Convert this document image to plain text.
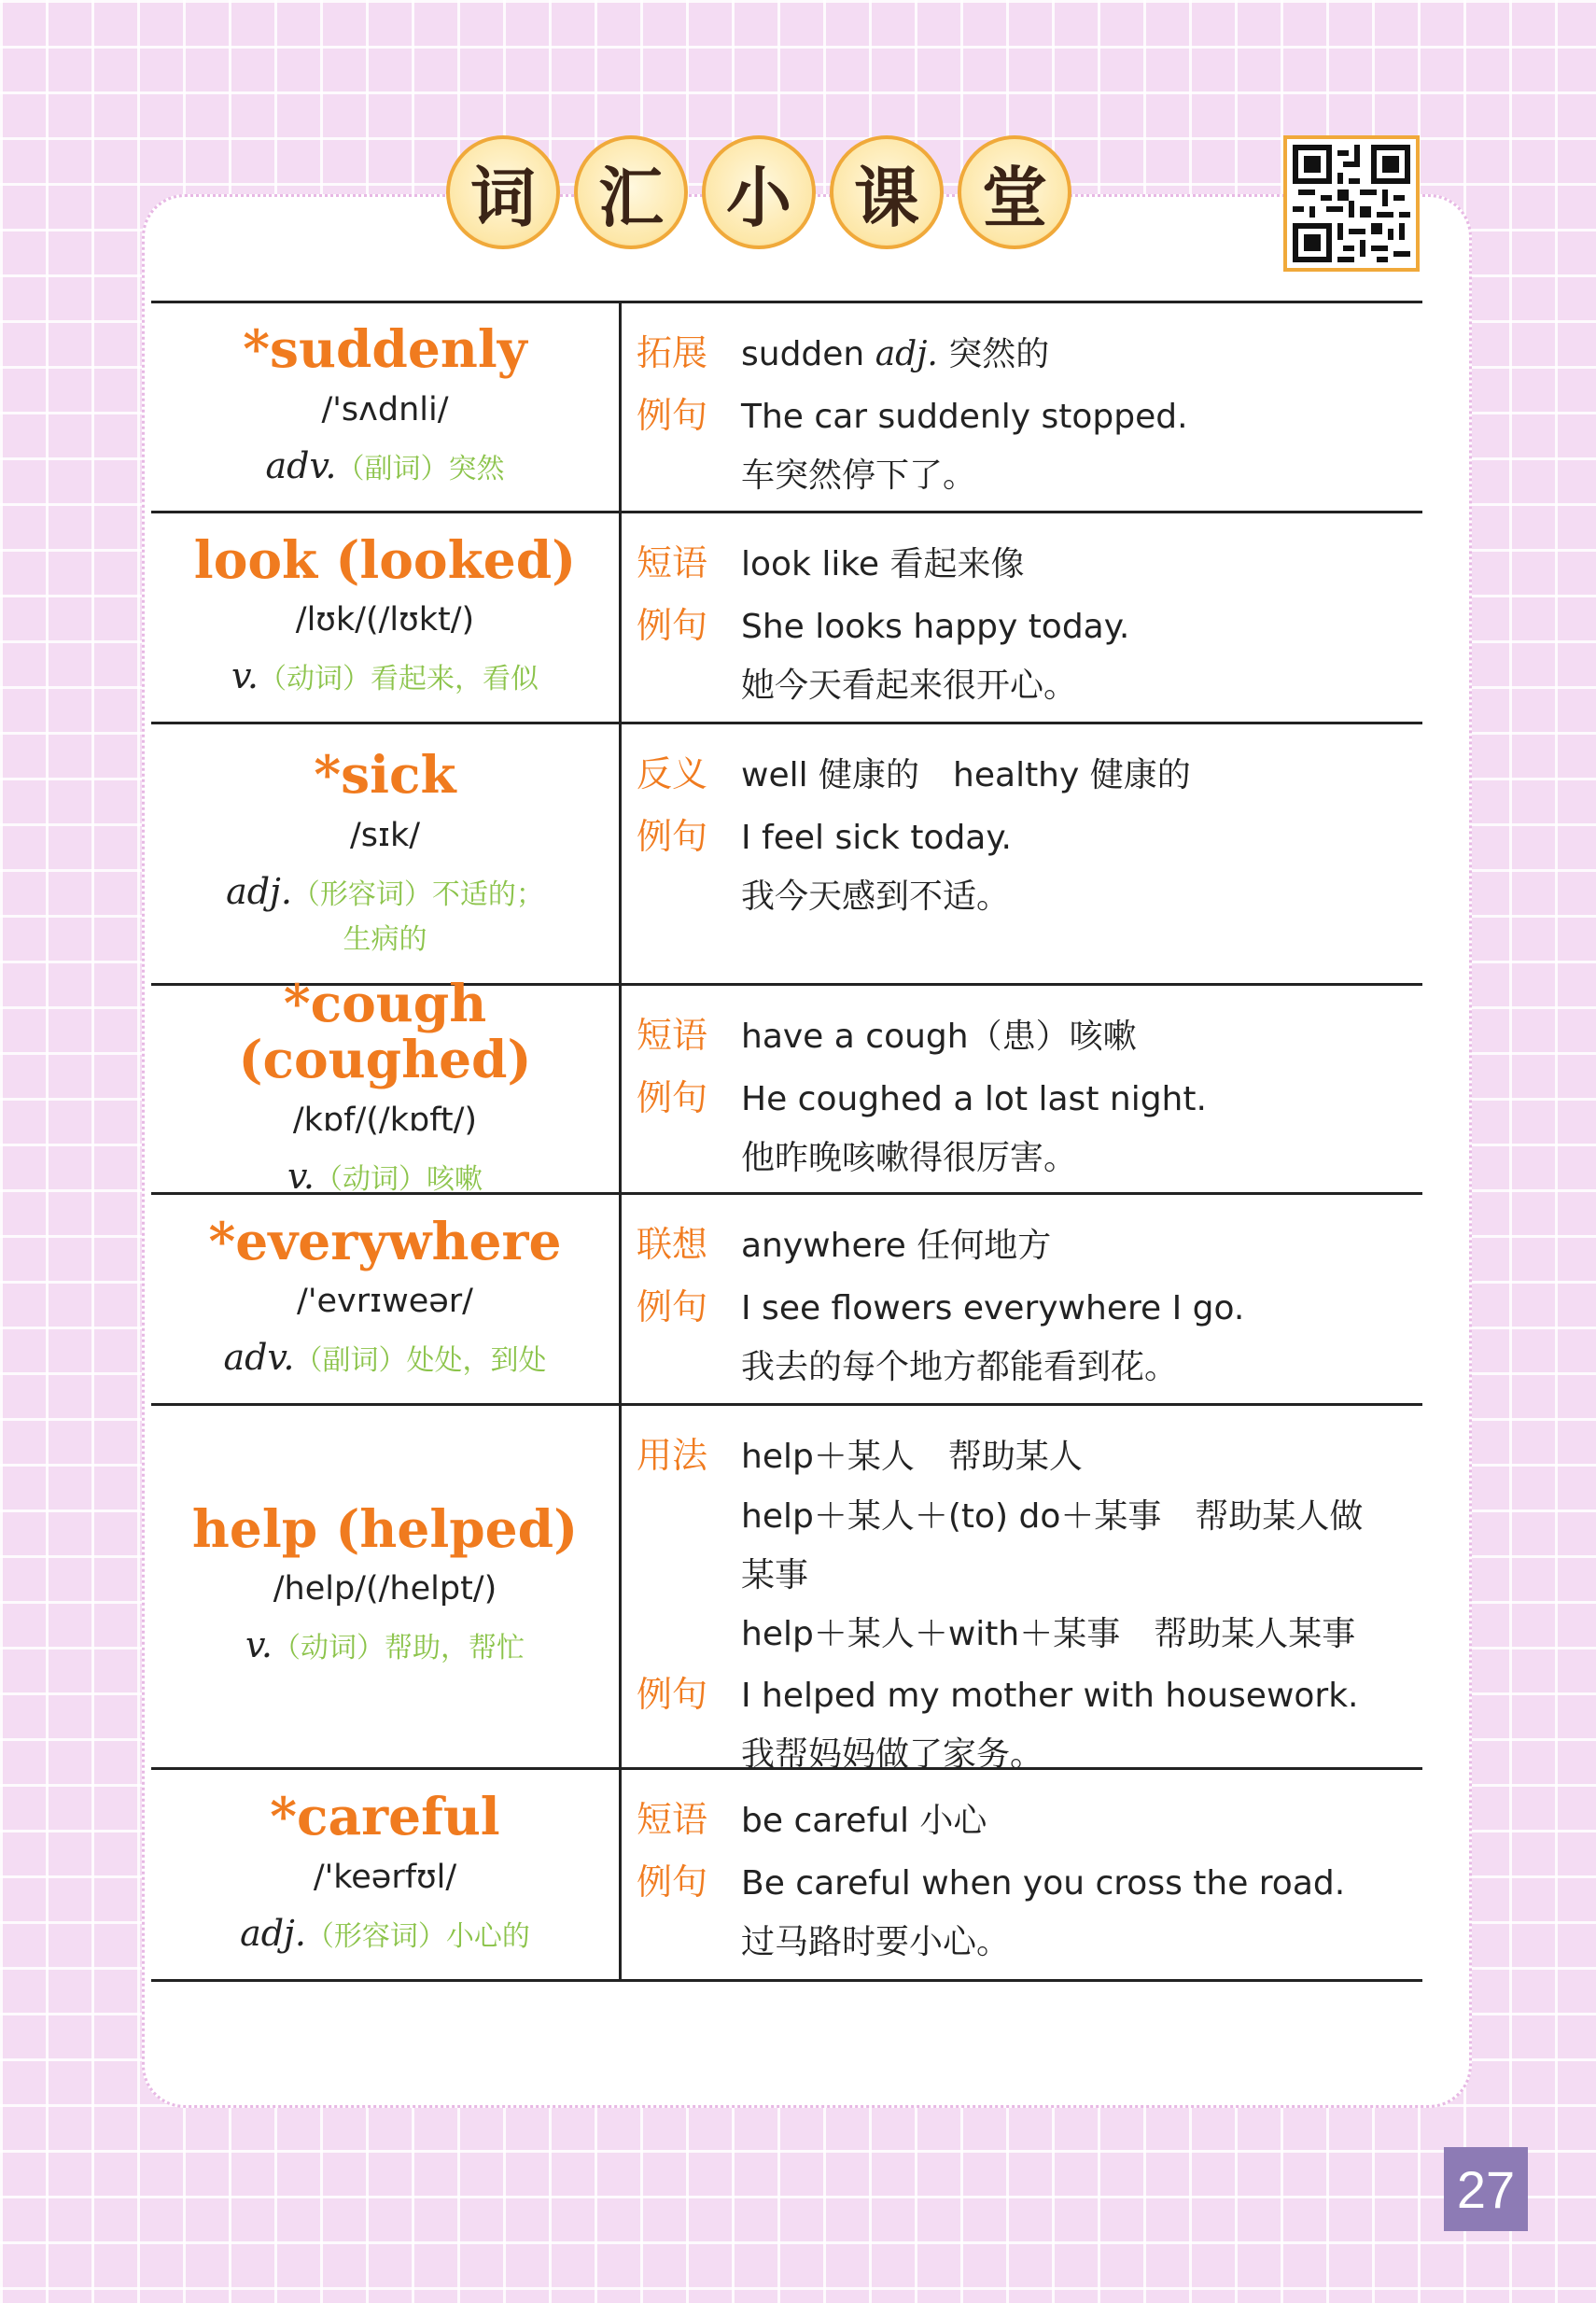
词 汇 小 课 堂
*suddenly
/'sʌdnli/
adv.（副词）突然
拓展 sudden adj. 突然的
例句 The car suddenly stopped.
车突然停下了。
look (looked)
/lʊk/(/lʊkt/)
v.（动词）看起来，看似
短语 look like 看起来像
例句 She looks happy today.
她今天看起来很开心。
*sick
/sɪk/
adj.（形容词）不适的；
生病的
反义 well 健康的　healthy 健康的
例句 I feel sick today.
我今天感到不适。
*cough (coughed)
/kɒf/(/kɒft/)
v.（动词）咳嗽
短语 have a cough（患）咳嗽
例句 He coughed a lot last night.
他昨晚咳嗽得很厉害。
*everywhere
/'evrɪweər/
adv.（副词）处处，到处
联想 anywhere 任何地方
例句 I see flowers everywhere I go.
我去的每个地方都能看到花。
help (helped)
/help/(/helpt/)
v.（动词）帮助，帮忙
用法 help＋某人　帮助某人
help＋某人＋(to) do＋某事　帮助某人做
某事
help＋某人＋with＋某事　帮助某人某事
例句 I helped my mother with housework.
我帮妈妈做了家务。
*careful
/'keərfʊl/
adj.（形容词）小心的
短语 be careful 小心
例句 Be careful when you cross the road.
过马路时要小心。
27
